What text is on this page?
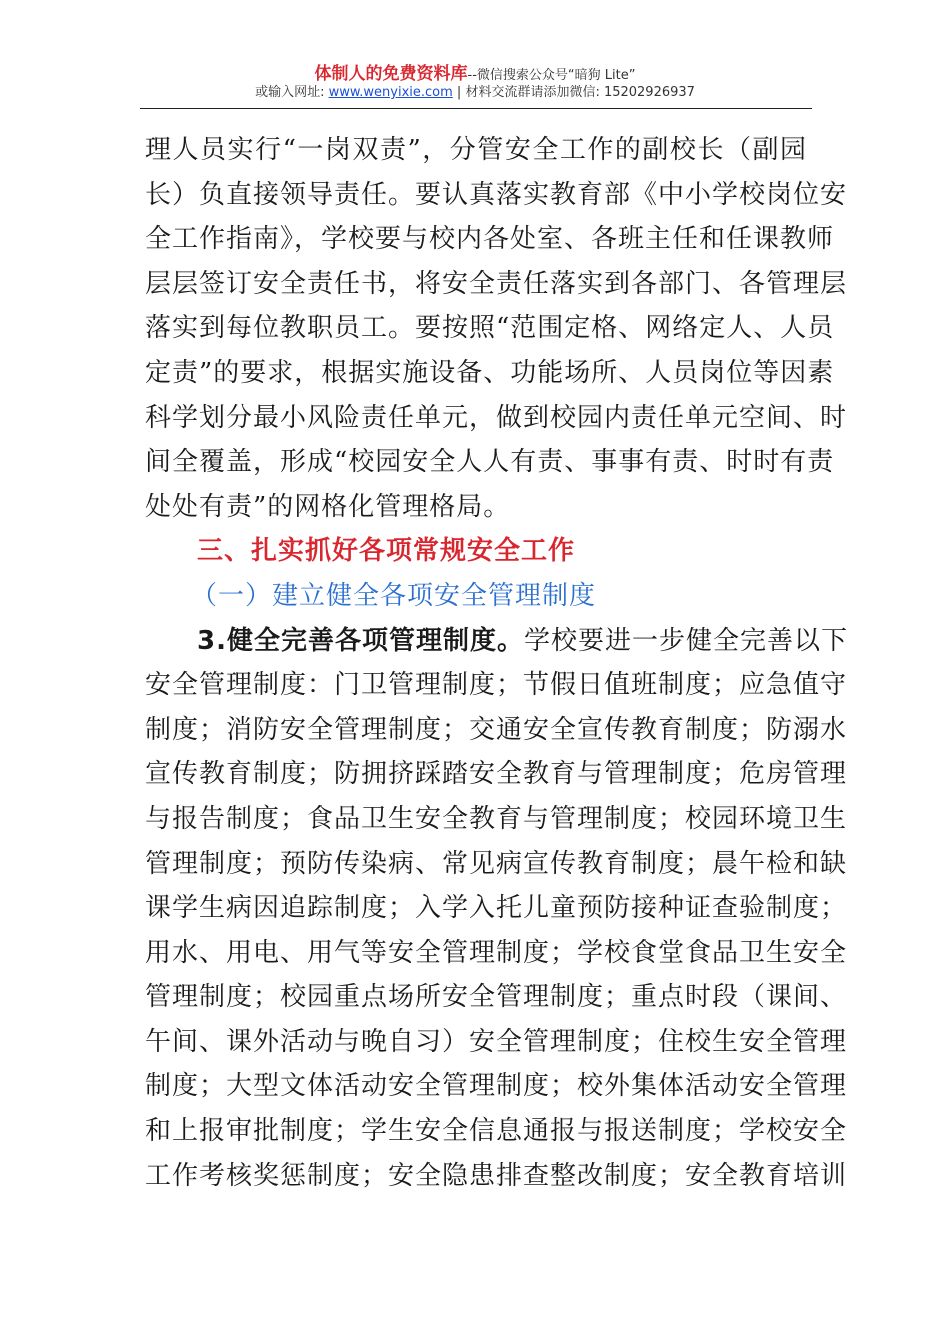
体制人的免费资料库--微信搜索公众号“暗狗 Lite”
或输入网址: www.wenyixie.com | 材料交流群请添加微信: 15202926937
理人员实行“一岗双责”，分管安全工作的副校长（副园
长）负直接领导责任。要认真落实教育部《中小学校岗位安
全工作指南》，学校要与校内各处室、各班主任和任课教师
层层签订安全责任书，将安全责任落实到各部门、各管理层
落实到每位教职员工。要按照“范围定格、网络定人、人员
定责”的要求，根据实施设备、功能场所、人员岗位等因素
科学划分最小风险责任单元，做到校园内责任单元空间、时
间全覆盖，形成“校园安全人人有责、事事有责、时时有责
处处有责”的网格化管理格局。
三、扎实抓好各项常规安全工作
（一）建立健全各项安全管理制度
3.健全完善各项管理制度。学校要进一步健全完善以下
安全管理制度：门卫管理制度；节假日值班制度；应急值守
制度；消防安全管理制度；交通安全宣传教育制度；防溺水
宣传教育制度；防拥挤踩踏安全教育与管理制度；危房管理
与报告制度；食品卫生安全教育与管理制度；校园环境卫生
管理制度；预防传染病、常见病宣传教育制度；晨午检和缺
课学生病因追踪制度；入学入托儿童预防接种证查验制度；
用水、用电、用气等安全管理制度；学校食堂食品卫生安全
管理制度；校园重点场所安全管理制度；重点时段（课间、
午间、课外活动与晚自习）安全管理制度；住校生安全管理
制度；大型文体活动安全管理制度；校外集体活动安全管理
和上报审批制度；学生安全信息通报与报送制度；学校安全
工作考核奖惩制度；安全隐患排查整改制度；安全教育培训
